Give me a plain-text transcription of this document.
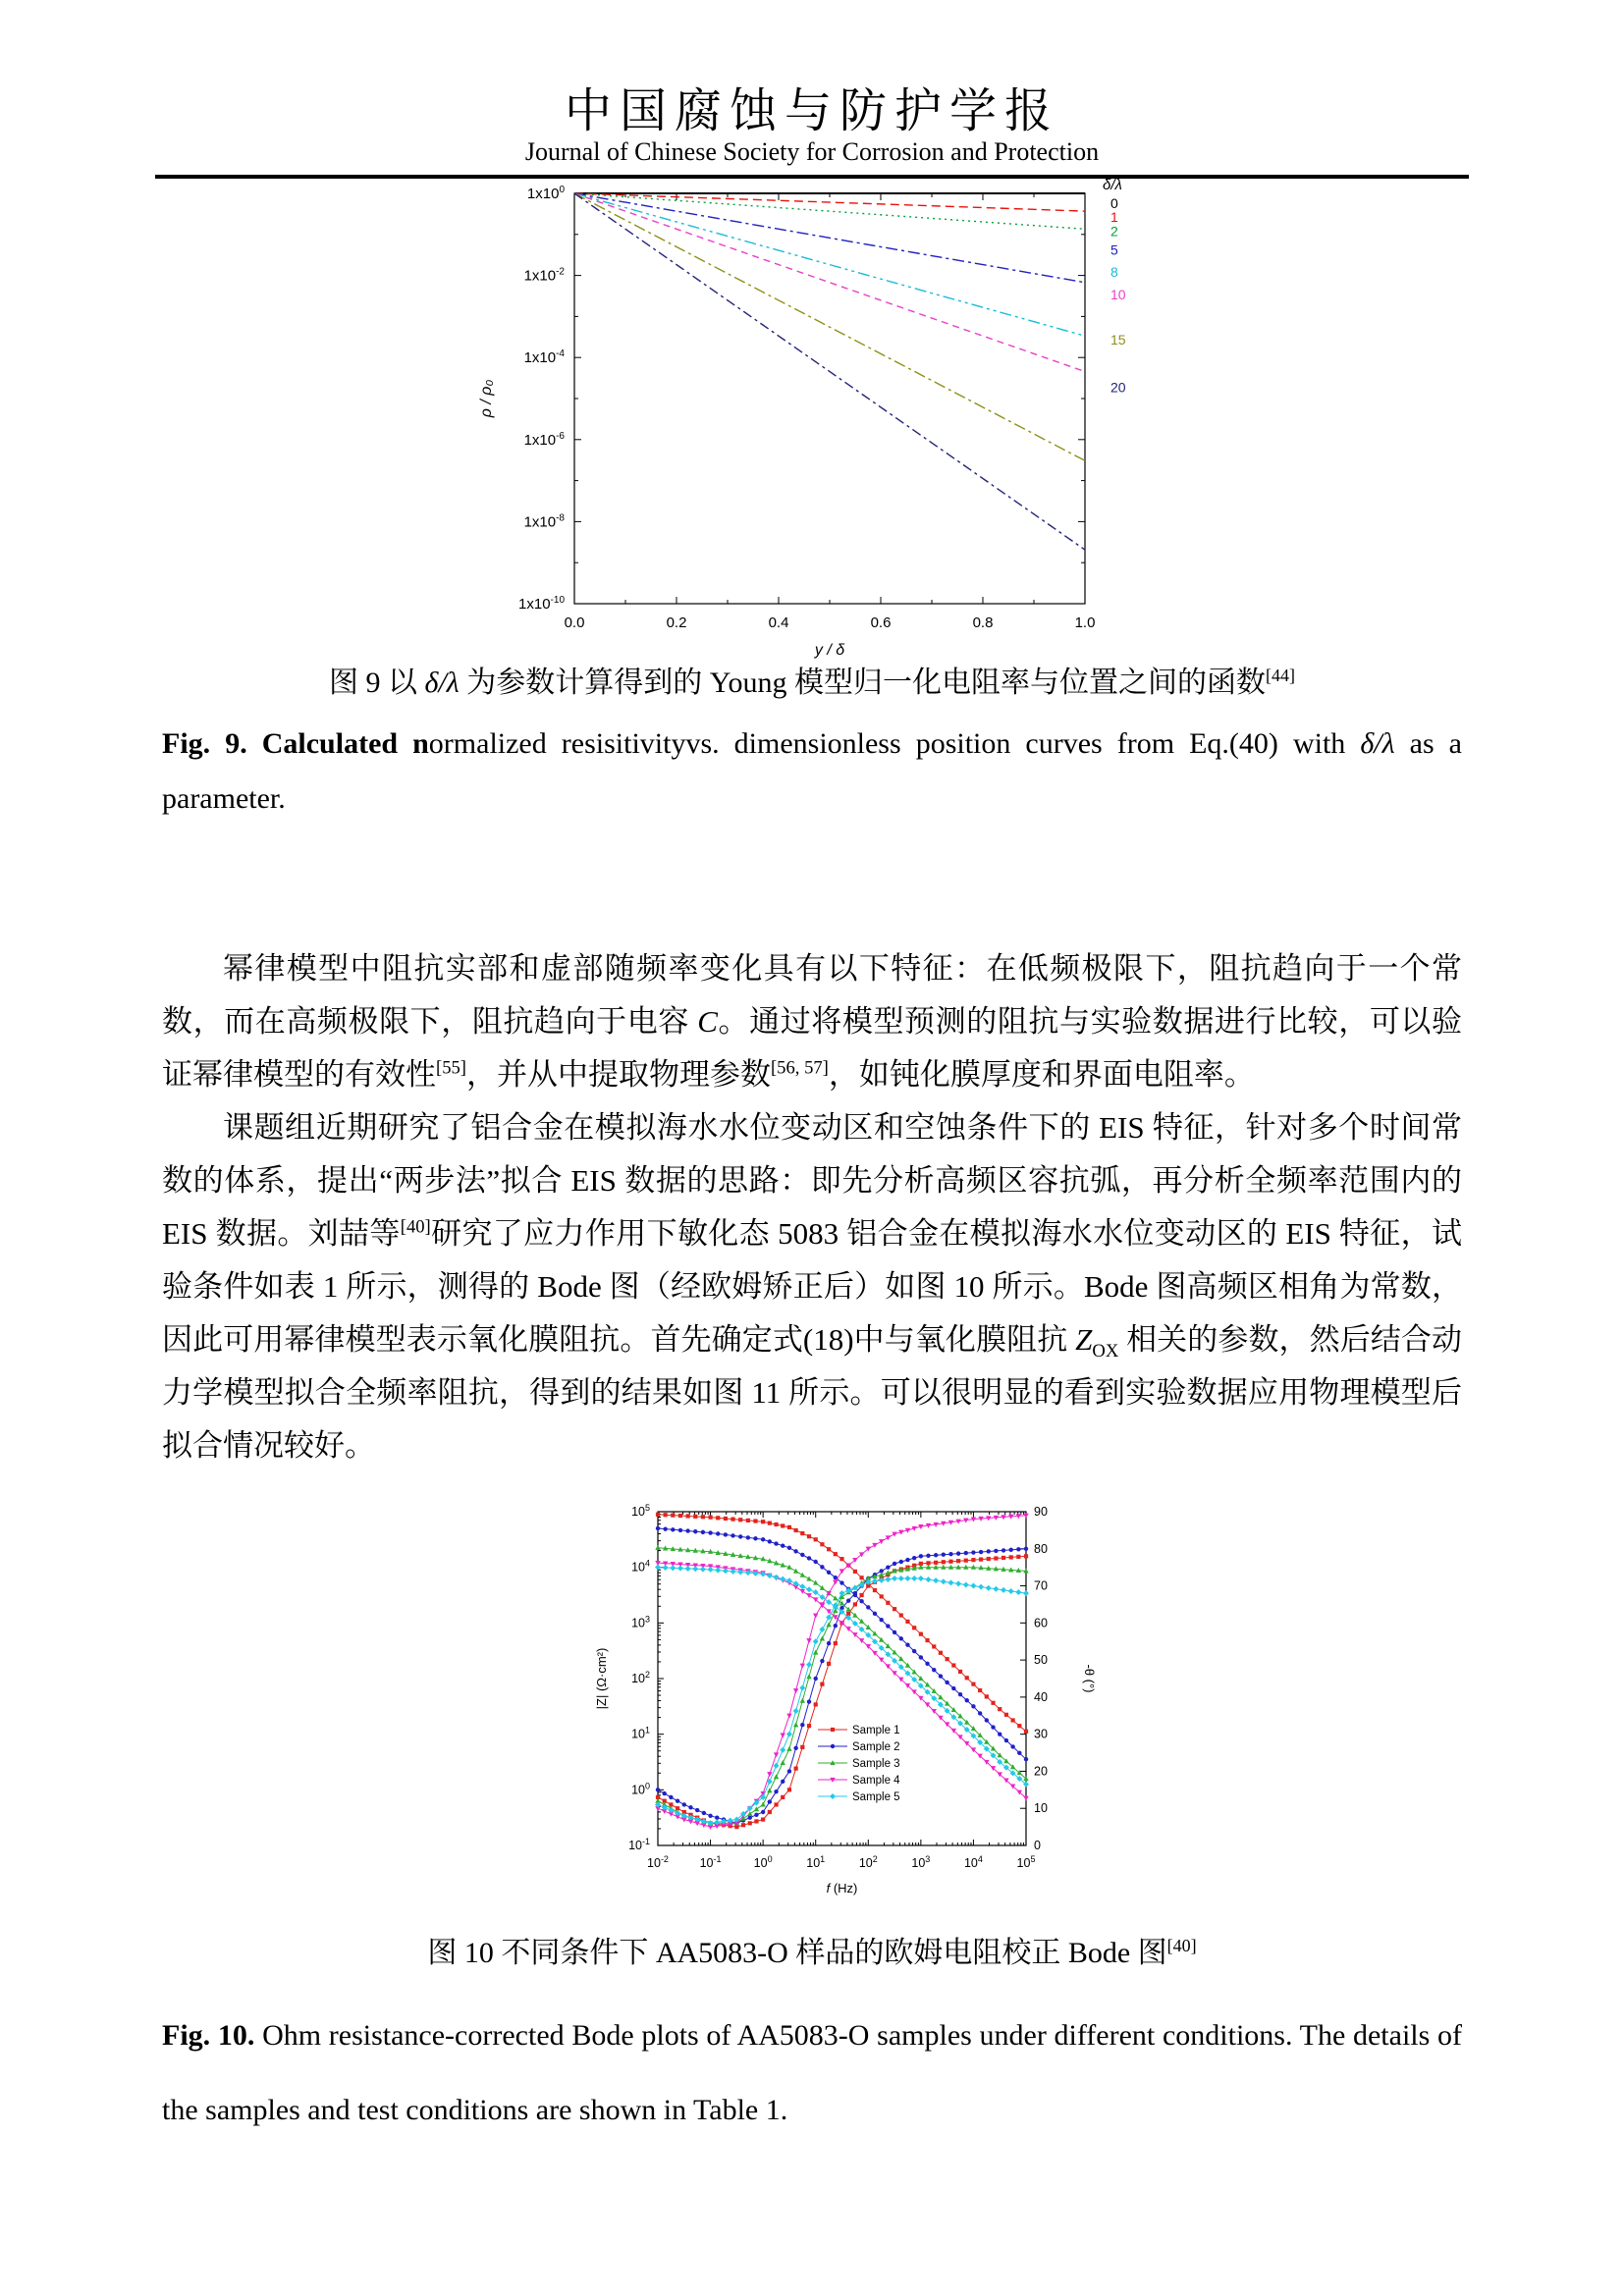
中国腐蚀与防护学报
Journal of Chinese Society for Corrosion and Protection
$1x10^0$
$1x10^{-2}$
$1x10^{-4}$
$1x10^{-6}$
$1x10^{-8}$
$1x10^{-10}$
0.0	0.2	0.4	0.6	0.8	1.0
δ/λ
0
1
2
5
8
10
15
20
ρ / ρ₀
y / δ
图 9 以 δ/λ 为参数计算得到的 Young 模型归一化电阻率与位置之间的函数[44]
Fig. 9. Calculated normalized resisitivityvs. dimensionless position curves from Eq.(40) with δ/λ as a parameter.

幂律模型中阻抗实部和虚部随频率变化具有以下特征：在低频极限下，阻抗趋向于一个常数，而在高频极限下，阻抗趋向于电容 C。通过将模型预测的阻抗与实验数据进行比较，可以验证幂律模型的有效性[55]，并从中提取物理参数[56, 57]，如钝化膜厚度和界面电阻率。

课题组近期研究了铝合金在模拟海水水位变动区和空蚀条件下的 EIS 特征，针对多个时间常数的体系，提出“两步法”拟合 EIS 数据的思路：即先分析高频区容抗弧，再分析全频率范围内的 EIS 数据。刘喆等[40]研究了应力作用下敏化态 5083 铝合金在模拟海水水位变动区的 EIS 特征，试验条件如表 1 所示，测得的 Bode 图（经欧姆矫正后）如图 10 所示。Bode 图高频区相角为常数，因此可用幂律模型表示氧化膜阻抗。首先确定式(18)中与氧化膜阻抗 $Z_{OX}$ 相关的参数，然后结合动力学模型拟合全频率阻抗，得到的结果如图 11 所示。可以很明显的看到实验数据应用物理模型后拟合情况较好。

$10^{-2}$	$10^{-1}$	$10^0$	$10^1$	$10^2$	$10^3$	$10^4$	$10^5$
$10^5$
$10^4$
$10^3$
$10^2$
$10^1$
$10^0$
$10^{-1}$	0
10
20
30
40
50
60
70
80
90
Sample 1
Sample 2
Sample 3
Sample 4
Sample 5
|Z| (Ω·cm²)	-θ (°)
f (Hz)
图 10 不同条件下 AA5083-O 样品的欧姆电阻校正 Bode 图[40]
Fig. 10. Ohm resistance-corrected Bode plots of AA5083-O samples under different conditions. The details of the samples and test conditions are shown in Table 1.
